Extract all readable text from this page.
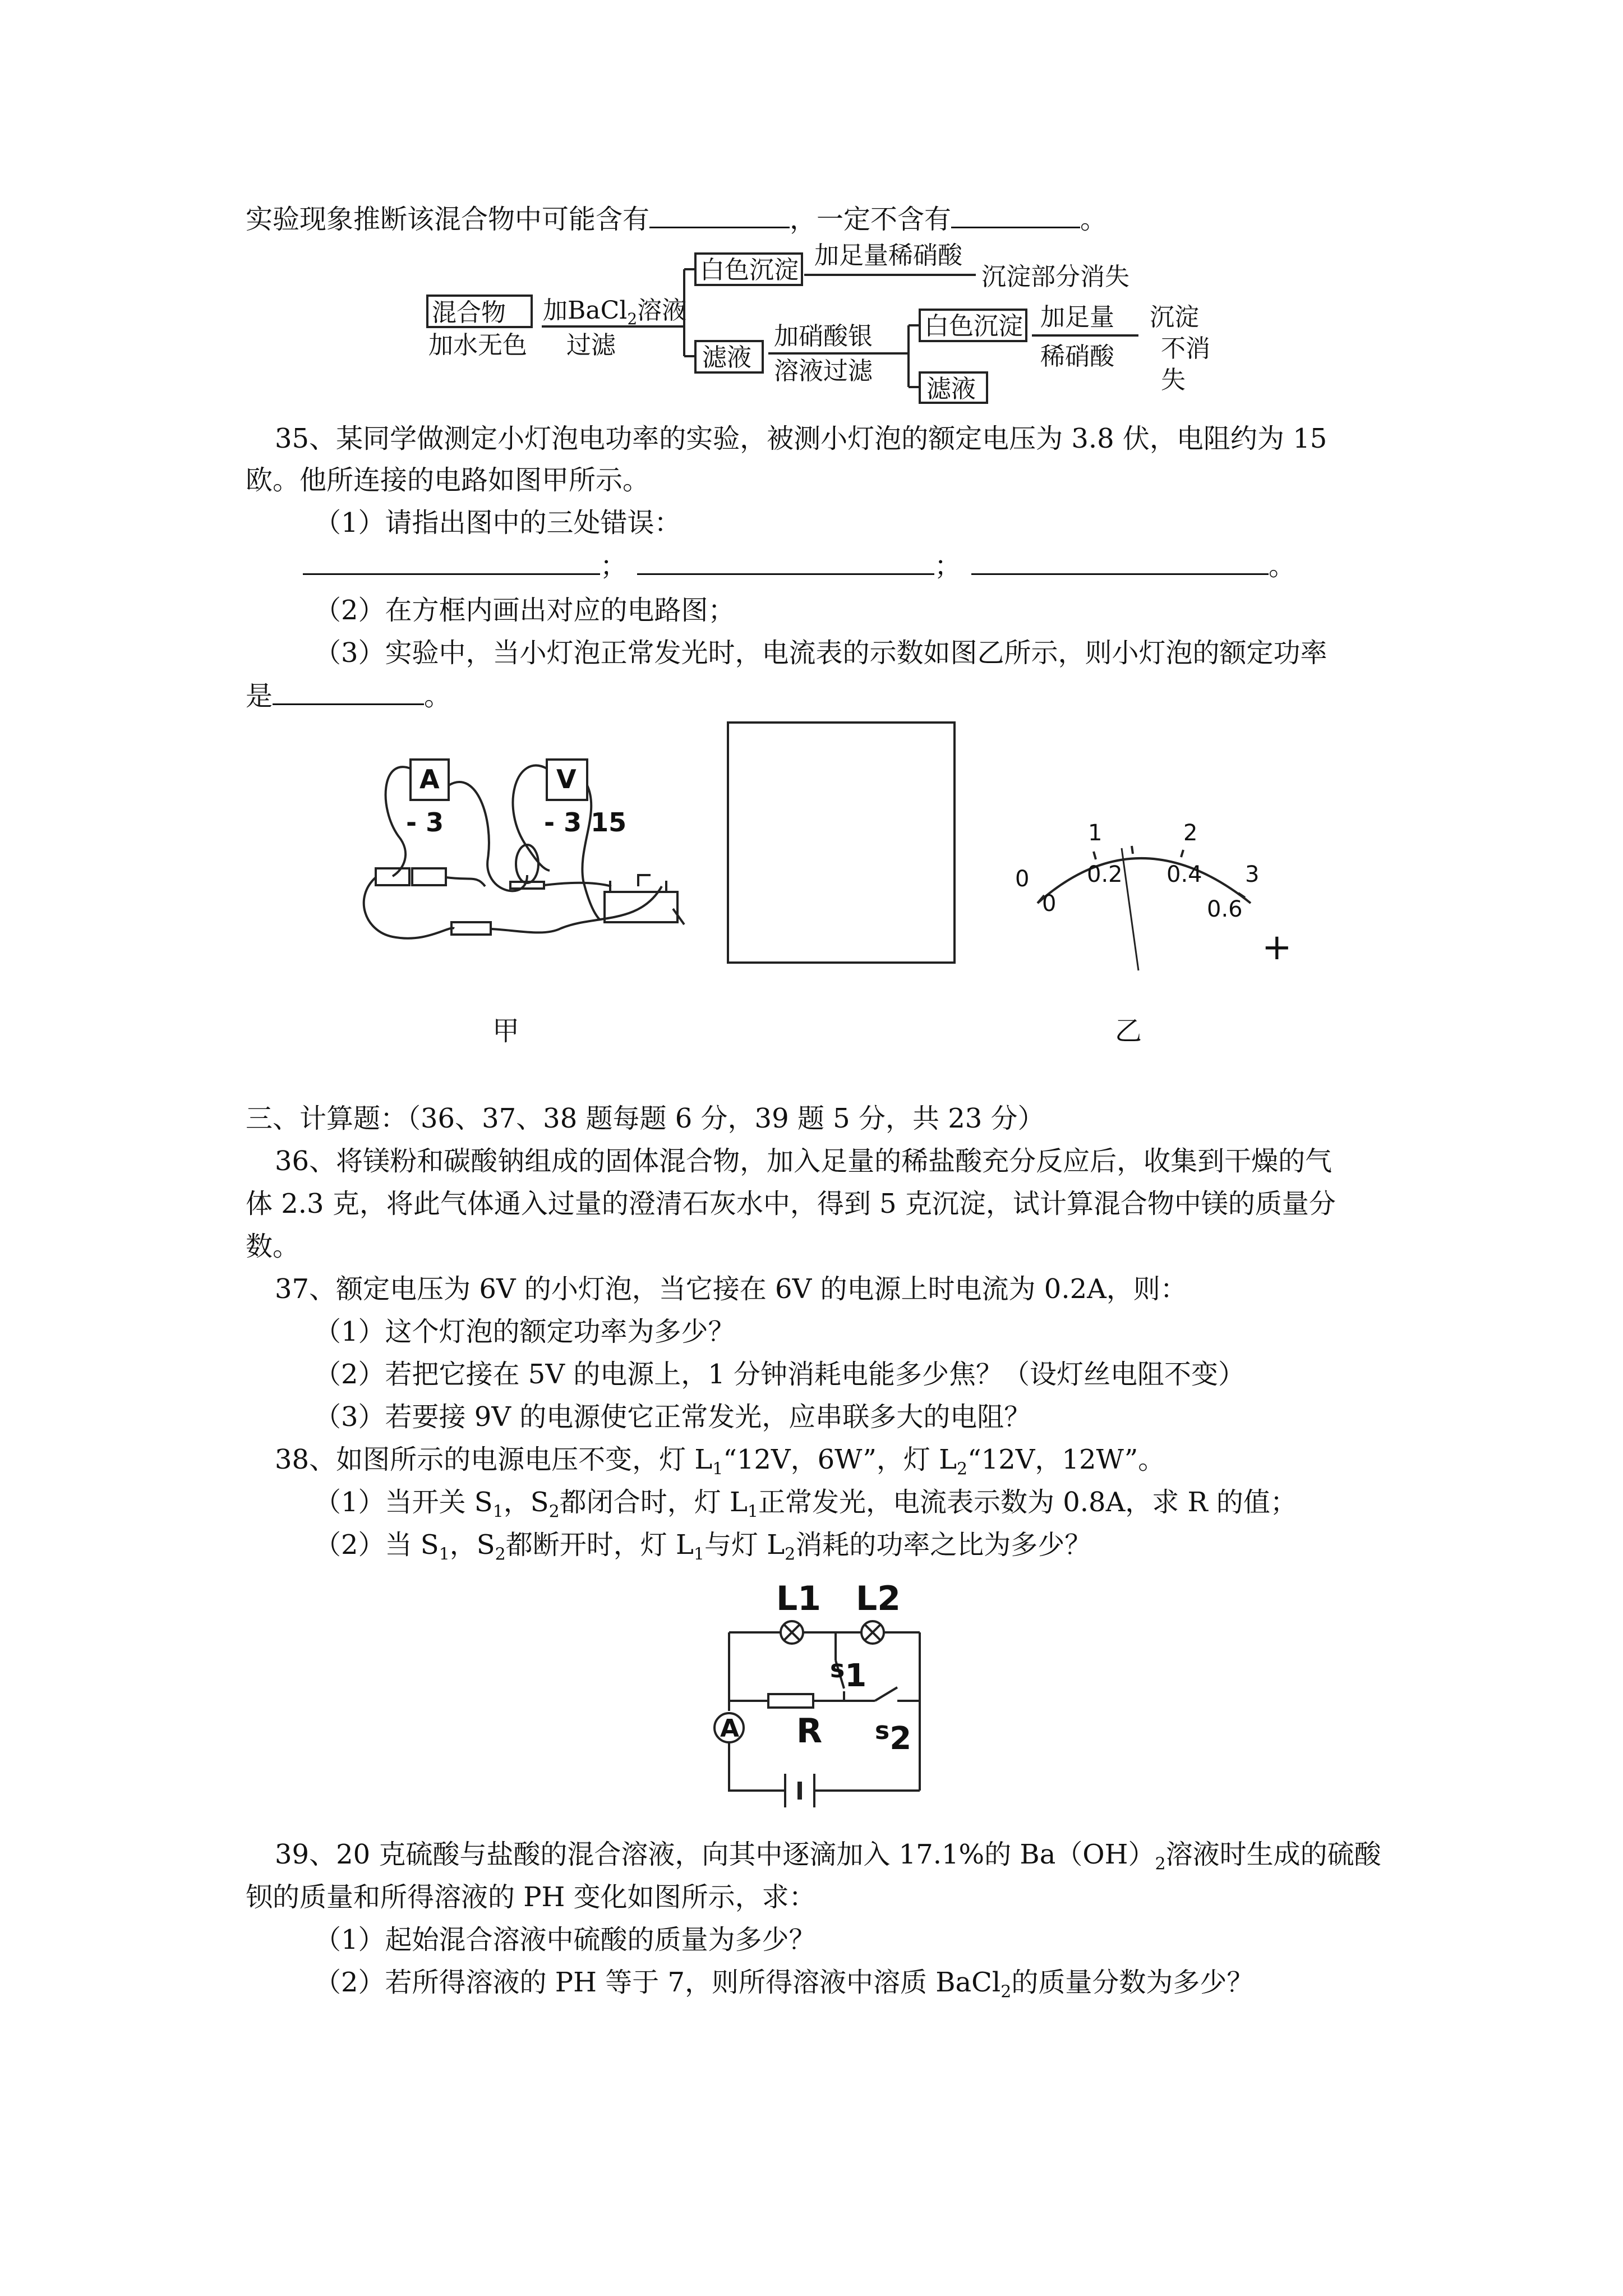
实验现象推断该混合物中可能含有	，一定不含有	。
混合物
加水无色
加BaCl$_2$溶液
过滤
白色沉淀
加足量稀硝酸
沉淀部分消失
滤液
加硝酸银
溶液过滤
白色沉淀 加足量
稀硝酸
沉淀
不消
失
滤液
35、某同学做测定小灯泡电功率的实验，被测小灯泡的额定电压为 3.8 伏，电阻约为 15
欧。他所连接的电路如图甲所示。
（1）请指出图中的三处错误：
；	；	。
（2）在方框内画出对应的电路图；
（3）实验中，当小灯泡正常发光时，电流表的示数如图乙所示，则小灯泡的额定功率
是	。
A	V
- 3	- 3 15
0
1	2
3
0
0.2 0.4
0.6
+
甲	乙
三、计算题：（36、37、38 题每题 6 分，39 题 5 分，共 23 分）
36、将镁粉和碳酸钠组成的固体混合物，加入足量的稀盐酸充分反应后，收集到干燥的气
体 2.3 克，将此气体通入过量的澄清石灰水中，得到 5 克沉淀，试计算混合物中镁的质量分
数。
37、额定电压为 6V 的小灯泡，当它接在 6V 的电源上时电流为 0.2A，则：
（1）这个灯泡的额定功率为多少？
（2）若把它接在 5V 的电源上，1 分钟消耗电能多少焦？（设灯丝电阻不变）
（3）若要接 9V 的电源使它正常发光，应串联多大的电阻？
38、如图所示的电源电压不变，灯 $L_1“12V$，6W”，灯 $L_2“12V$，12W”。
（1）当开关 $S_1$，$S_2$都闭合时，灯 $L_1$正常发光，电流表示数为 0.8A，求 R 的值；
（2）当 $S_1$，$S_2$都断开时，灯 $L_1$与灯 $L_2$消耗的功率之比为多少？
L1 L2
s1
R s2
A
39、20 克硫酸与盐酸的混合溶液，向其中逐滴加入 17.1%的 $Ba(OH)_2$溶液时生成的硫酸
钡的质量和所得溶液的 PH 变化如图所示，求：
（1）起始混合溶液中硫酸的质量为多少？
（2）若所得溶液的 PH 等于 7，则所得溶液中溶质 BaCl$_2$的质量分数为多少？
